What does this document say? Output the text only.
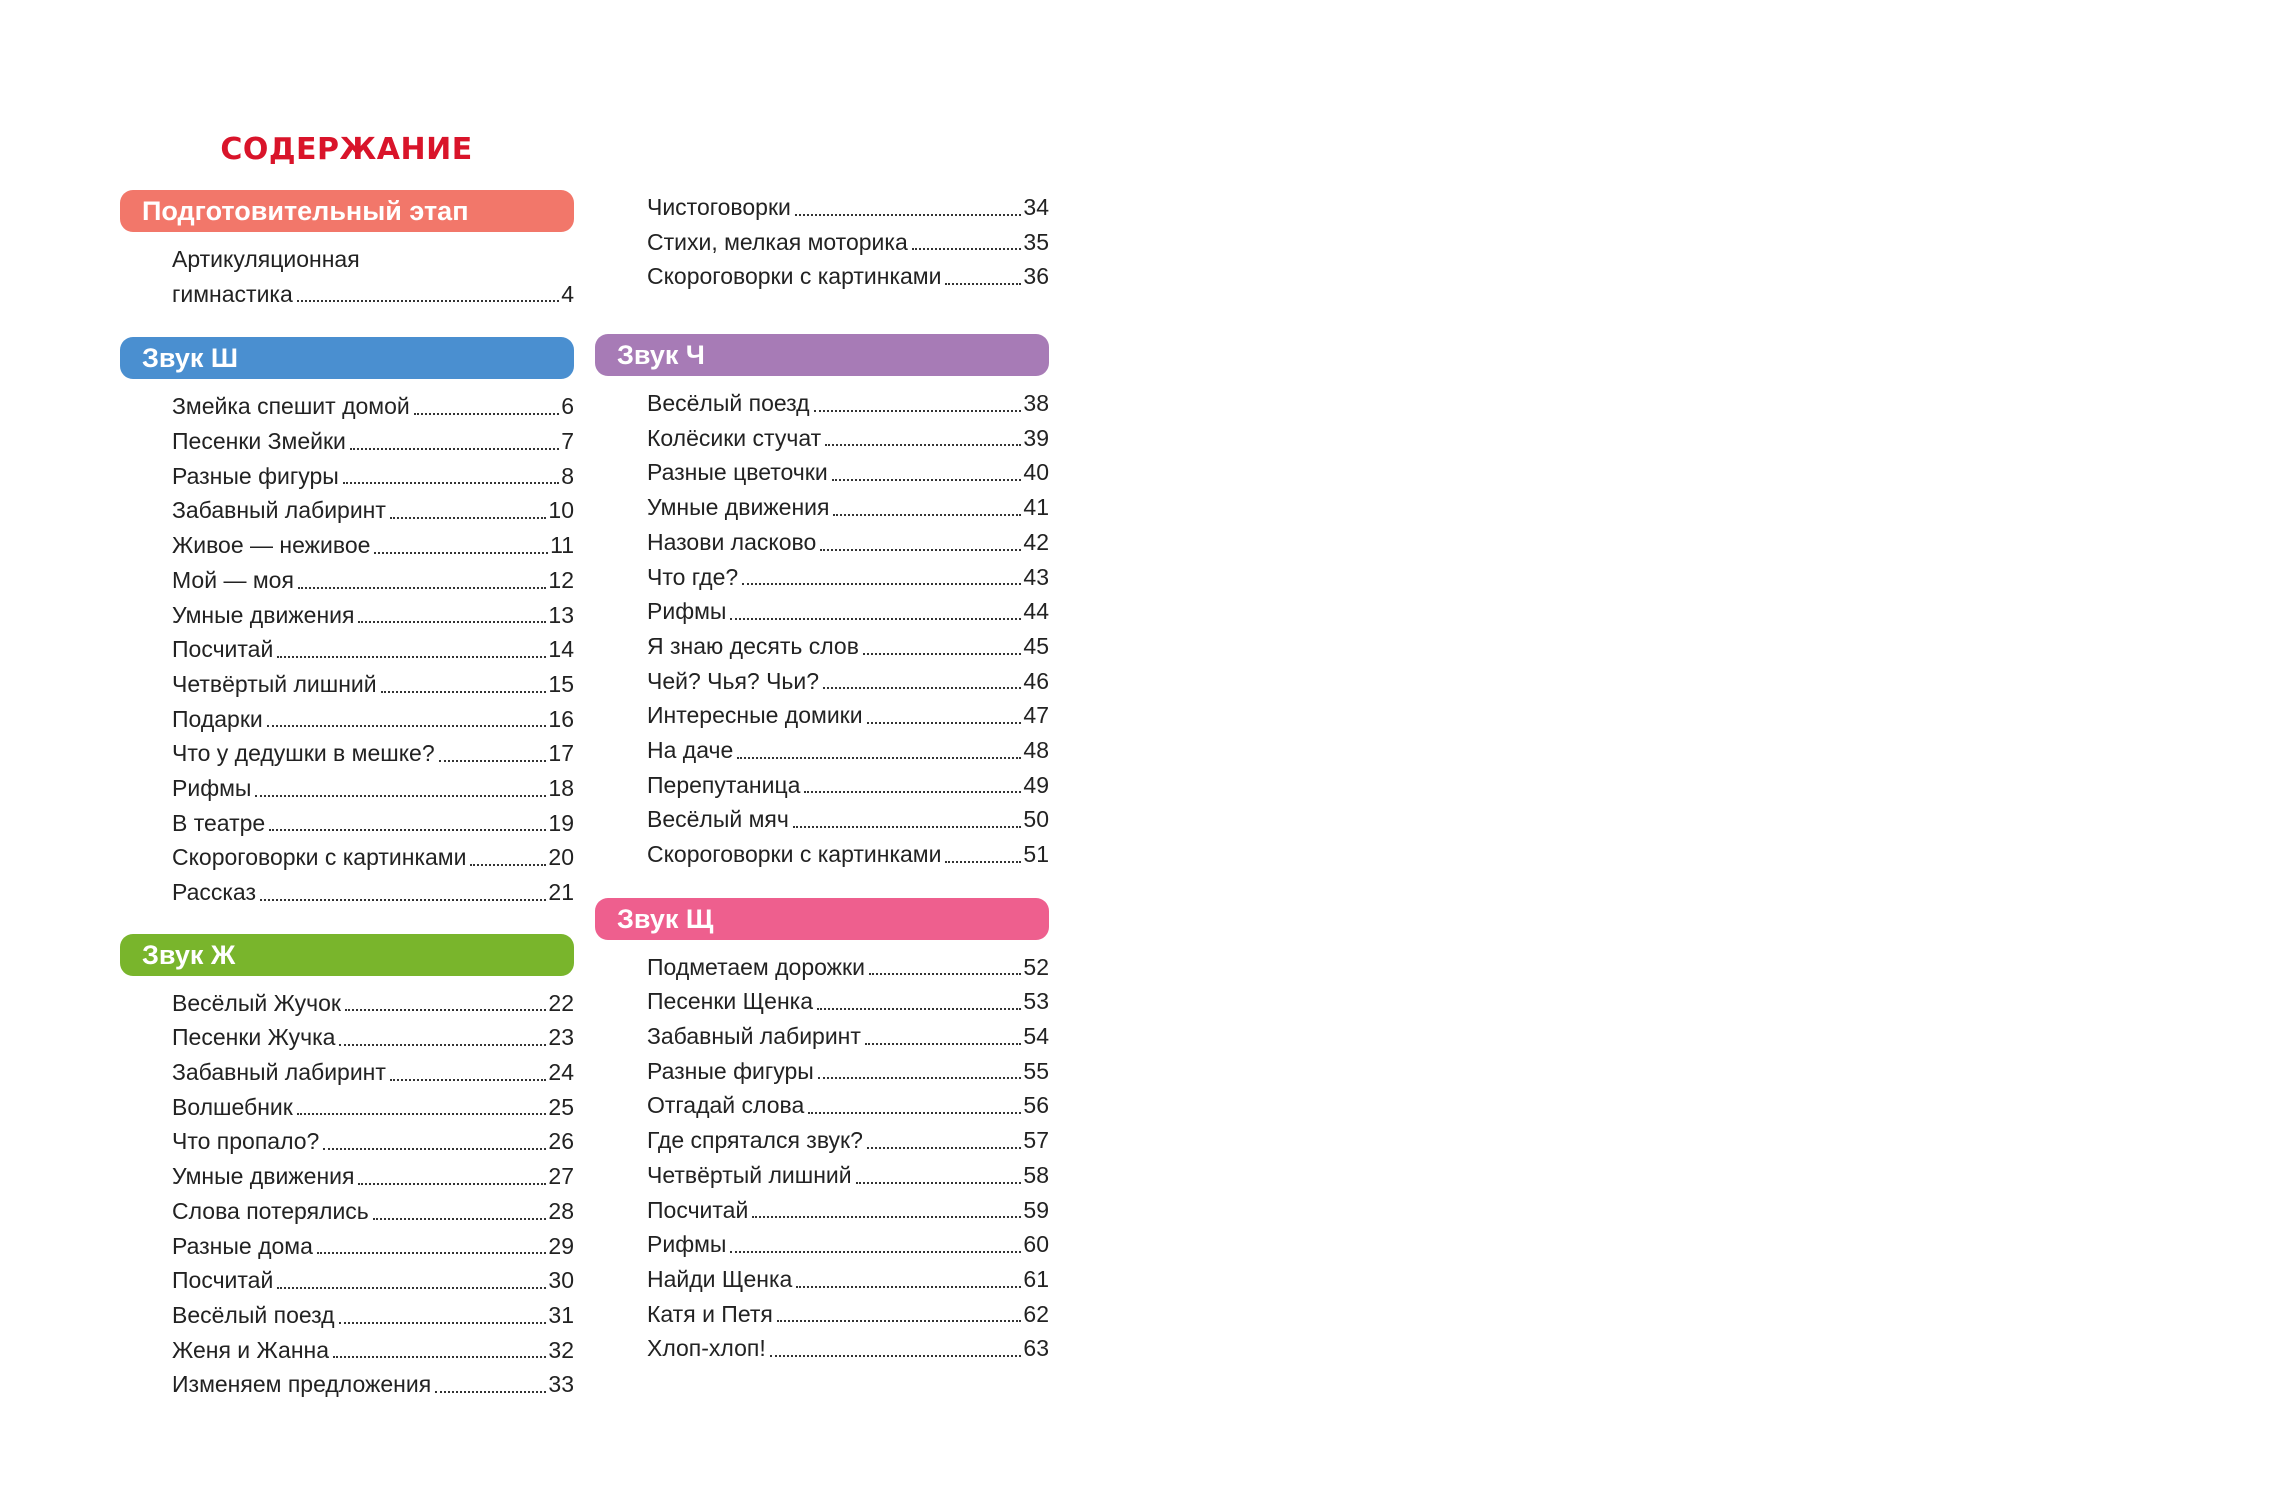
СОДЕРЖАНИЕ
Подготовительный этап
Артикуляционная
гимнастика	4
Звук Ш
Змейка спешит домой	6
Песенки Змейки	7
Разные фигуры	8
Забавный лабиринт	10
Живое — неживое	11
Мой — моя	12
Умные движения	13
Посчитай	14
Четвёртый лишний	15
Подарки	16
Что у дедушки в мешке?	17
Рифмы	18
В театре	19
Скороговорки с картинками	20
Рассказ	21
Звук Ж
Весёлый Жучок	22
Песенки Жучка	23
Забавный лабиринт	24
Волшебник	25
Что пропало?	26
Умные движения	27
Слова потерялись	28
Разные дома	29
Посчитай	30
Весёлый поезд	31
Женя и Жанна	32
Изменяем предложения	33
Чистоговорки	34
Стихи, мелкая моторика	35
Скороговорки с картинками	36
Звук Ч
Весёлый поезд	38
Колёсики стучат	39
Разные цветочки	40
Умные движения	41
Назови ласково	42
Что где?	43
Рифмы	44
Я знаю десять слов	45
Чей? Чья? Чьи?	46
Интересные домики	47
На даче	48
Перепутаница	49
Весёлый мяч	50
Скороговорки с картинками	51
Звук Щ
Подметаем дорожки	52
Песенки Щенка	53
Забавный лабиринт	54
Разные фигуры	55
Отгадай слова	56
Где спрятался звук?	57
Четвёртый лишний	58
Посчитай	59
Рифмы	60
Найди Щенка	61
Катя и Петя	62
Хлоп-хлоп!	63
